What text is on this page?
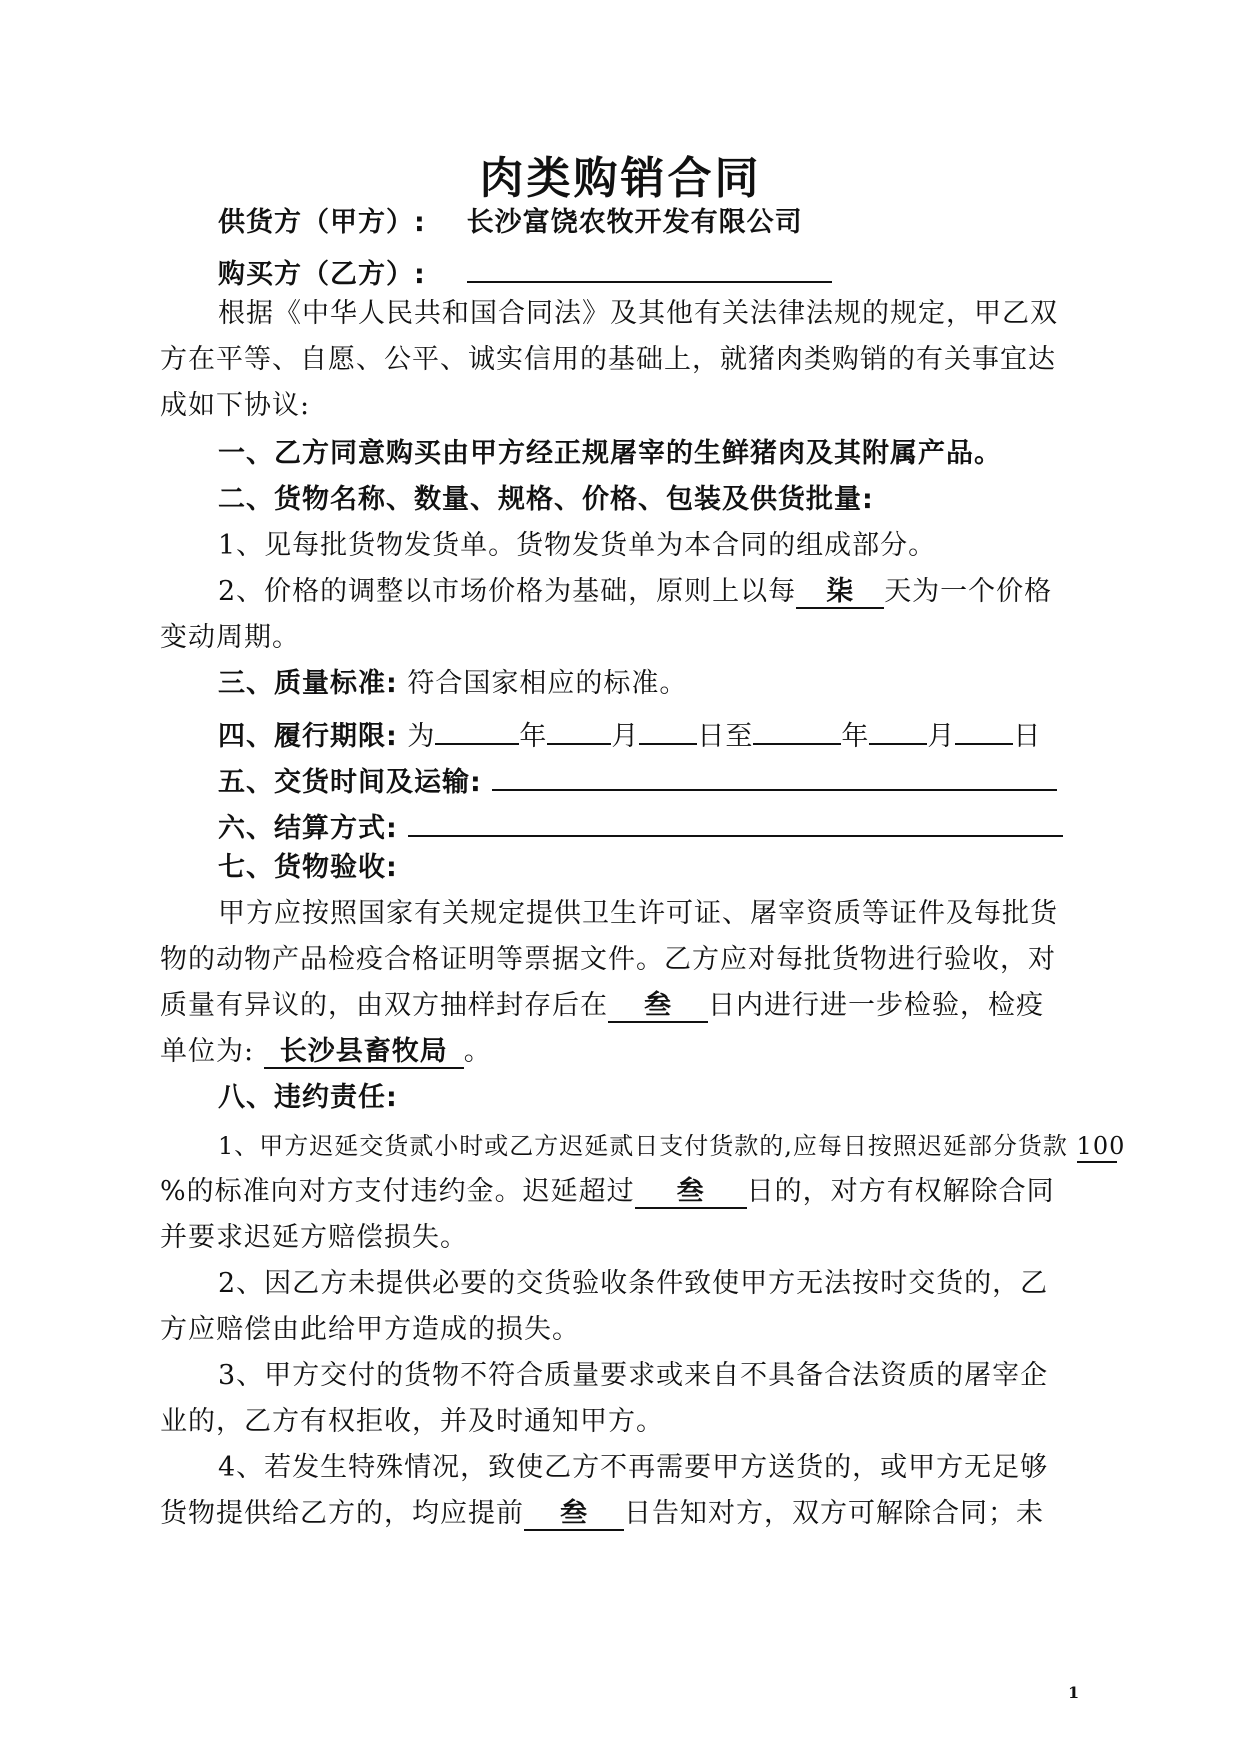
肉类购销合同
供货方（甲方）: 长沙富饶农牧开发有限公司
购买方（乙方）:
根据《中华人民共和国合同法》及其他有关法律法规的规定，甲乙双
方在平等、自愿、公平、诚实信用的基础上，就猪肉类购销的有关事宜达
成如下协议:
一、乙方同意购买由甲方经正规屠宰的生鲜猪肉及其附属产品。
二、货物名称、数量、规格、价格、包装及供货批量:
1、见每批货物发货单。货物发货单为本合同的组成部分。
2、价格的调整以市场价格为基础，原则上以每 柒 天为一个价格
变动周期。
三、质量标准: 符合国家相应的标准。
四、履行期限: 为	年 月 日至	年 月 日
五、交货时间及运输:
六、结算方式:
七、货物验收:
甲方应按照国家有关规定提供卫生许可证、屠宰资质等证件及每批货
物的动物产品检疫合格证明等票据文件。乙方应对每批货物进行验收，对
质量有异议的，由双方抽样封存后在 叁 日内进行进一步检验，检疫
单位为: 长沙县畜牧局 。
八、违约责任:
1、甲方迟延交货贰小时或乙方迟延贰日支付货款的,应每日按照迟延部分货款 100
%的标准向对方支付违约金。迟延超过 叁 日的，对方有权解除合同
并要求迟延方赔偿损失。
2、因乙方未提供必要的交货验收条件致使甲方无法按时交货的，乙
方应赔偿由此给甲方造成的损失。
3、甲方交付的货物不符合质量要求或来自不具备合法资质的屠宰企
业的，乙方有权拒收，并及时通知甲方。
4、若发生特殊情况，致使乙方不再需要甲方送货的，或甲方无足够
货物提供给乙方的，均应提前 叁 日告知对方，双方可解除合同；未
1
